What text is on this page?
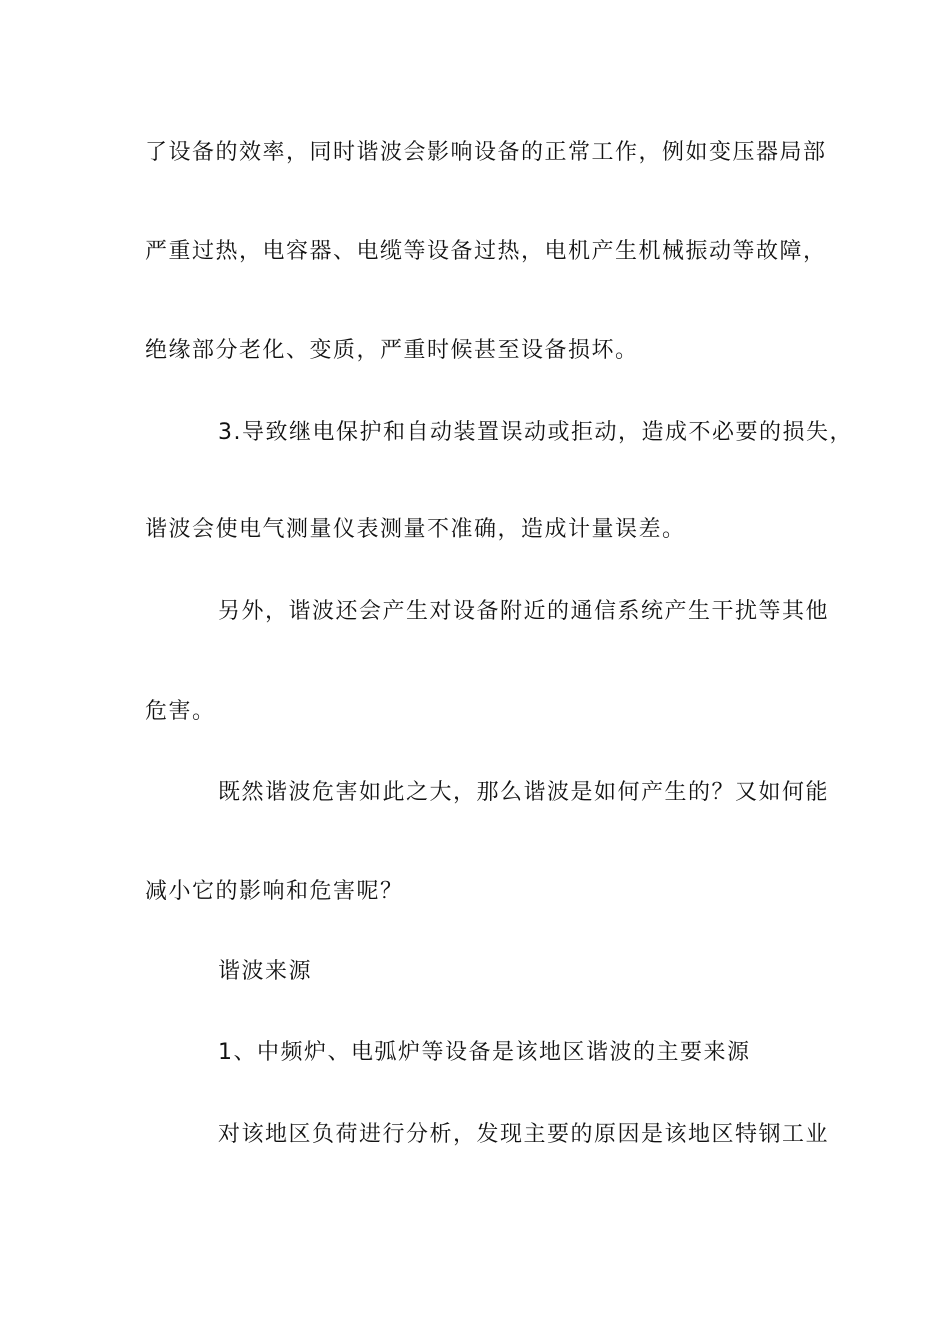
了设备的效率，同时谐波会影响设备的正常工作，例如变压器局部
严重过热，电容器、电缆等设备过热，电机产生机械振动等故障，
绝缘部分老化、变质，严重时候甚至设备损坏。
3.导致继电保护和自动装置误动或拒动，造成不必要的损失，
谐波会使电气测量仪表测量不准确，造成计量误差。
另外，谐波还会产生对设备附近的通信系统产生干扰等其他
危害。
既然谐波危害如此之大，那么谐波是如何产生的？又如何能
减小它的影响和危害呢？
谐波来源
1、中频炉、电弧炉等设备是该地区谐波的主要来源
对该地区负荷进行分析，发现主要的原因是该地区特钢工业
